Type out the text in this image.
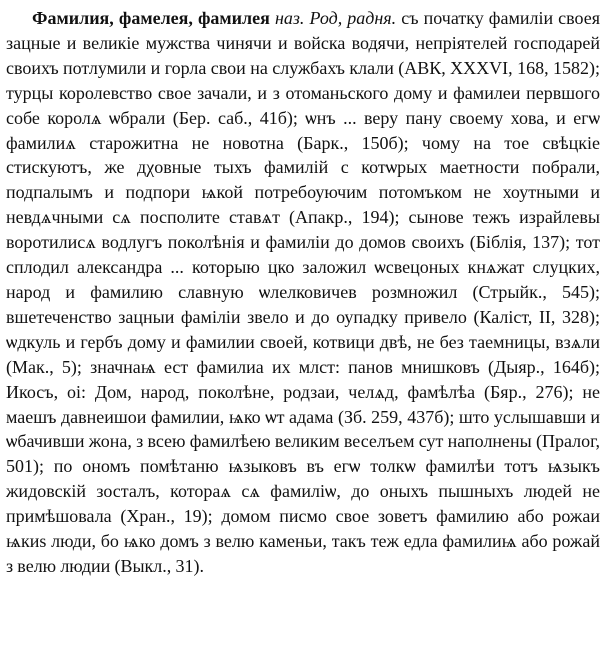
Фамилия, фамелея, фамилея наз. Род, радня. съ початку фамилiи своея зацные и великiе мужства чинячи и войска водячи, непрiятелей господарей своихъ потлумили и горла свои на службахъ клали (АВК, XXXVI, 168, 1582); турцы королевство свое зачали, и з отоманьского дому и фамилеи первшого собе королѧ ѡбрали (Бер. саб., 41б); ѡнъ ... веру пану своему хова, и егѡ фамилиѧ старожитна не новотна (Барк., 150б); чому на тое свѣцкiе стискуютъ, же дχовные тыхъ фамилiй с котѡрых маетности побрали, подпалымъ и подпори ѩкой потребоуючим потомъком не хоутными и невдѧчными сѧ посполите ставѧт (Апакр., 194); сынове тежъ израйлевы воротилисѧ водлугъ поколѣнiя и фамилiи до домов своихъ (Бiблiя, 137); тот сплодил александра ... которыю цко заложил ѡсвецоных кнѧжат слуцких, народ и фамилию славную ѡлелковичев розмножил (Стрыйк., 545); вшетеченство зацныи фамiлiи звело и до оупадку привело (Калiст, II, 328); ѡдкуль и гербъ дому и фамилии своей, котвици двѣ, не без таемницы, взѧли (Мак., 5); значнаѩ ест фамилиа их млст: панов мнишковъ (Дыяр., 164б); Икосъ, оi: Дом, народ, поколѣне, родзаи, челѧд, фамѣлѣа (Бяр., 276); не маешъ давнеишои фамилии, ѩко ѡт адама (Зб. 259, 437б); што услышавши и ѡбачивши жона, з всею фамилѣею великим веселъем сут наполнены (Пралог, 501); по ономъ помѣтаню ѩзыковъ въ егѡ толкѡ фамилѣи тотъ ѩзыкъ жидовскiй зосталъ, котораѧ сѧ фамилiѡ, до оныхъ пышныхъ людей не примѣшовала (Хран., 19); домом писмо свое зоветъ фамилию або рожаи ѩкиѕ люди, бо ѩко домъ з велю каменьи, такъ теж едла фамилиѩ або рожай з велю людии (Выкл., 31).
